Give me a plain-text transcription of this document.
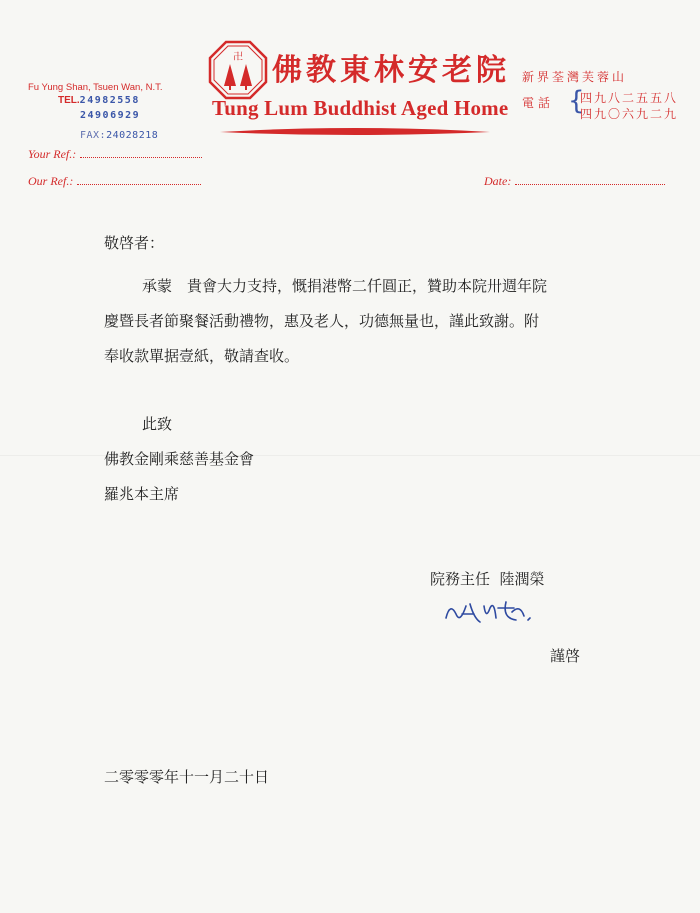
Fu Yung Shan, Tsuen Wan, N.T.
TEL.24982558
24906929
FAX:24028218
卍 佛教東林安老院
Tung Lum Buddhist Aged Home
新界荃灣芙蓉山
電話 {
四九八二五五八
四九〇六九二九
Your Ref.:
Our Ref.:	Date:
敬啓者：
承蒙　貴會大力支持，慨捐港幣二仟圓正，贊助本院卅週年院
慶暨長者節聚餐活動禮物，惠及老人，功德無量也，謹此致謝。附
奉收款單据壹紙，敬請查收。
此致
佛教金剛乘慈善基金會
羅兆本主席
院務主任  陸潤榮
謹啓
二零零零年十一月二十日
